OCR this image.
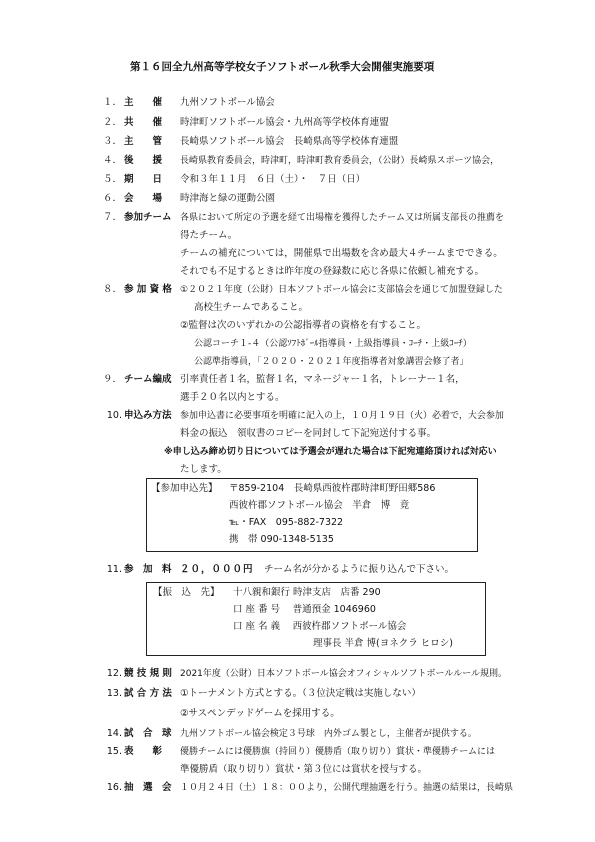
第１６回全九州高等学校女子ソフトボール秋季大会開催実施要項
１． 主　　催 九州ソフトボール協会
２． 共　　催 時津町ソフトボール協会・九州高等学校体育連盟
３． 主　　管 長崎県ソフトボール協会　長崎県高等学校体育連盟
４． 後　　援 長崎県教育委員会，時津町，時津町教育委員会，（公財）長崎県スポーツ協会，
５． 期　　日 令和３年１１月　６日（土）・　７日（日）
６． 会　　場 時津海と緑の運動公園
７． 参加チーム 各県において所定の予選を経て出場権を獲得したチーム又は所属支部長の推薦を
得たチーム。
チームの補充については，開催県で出場数を含め最大４チームまでできる。
それでも不足するときは昨年度の登録数に応じ各県に依頼し補充する。
８． 参 加 資 格 ①２０２１年度（公財）日本ソフトボール協会に支部協会を通じて加盟登録した
高校生チームであること。
②監督は次のいずれかの公認指導者の資格を有すること。
公認コーチ１-４（公認ｿﾌﾄﾎﾞｰﾙ指導員・上級指導員・ｺｰﾁ・上級ｺｰﾁ）
公認準指導員，「２０２０・２０２１年度指導者対象講習会修了者」
９． チーム編成 引率責任者１名，監督１名，マネージャー１名，トレーナー１名，
選手２０名以内とする。
10. 申込み方法 参加申込書に必要事項を明確に記入の上，１０月１９日（火）必着で，大会参加
料金の振込　領収書のコピーを同封して下記宛送付する事。
※申し込み締め切り日については予選会が遅れた場合は下記宛連絡頂ければ対応い
たします。
【参加申込先】 〒859-2104　長崎県西彼杵郡時津町野田郷586
西彼杵郡ソフトボール協会　半倉　博　竟
℡・FAX　095-882-7322
携　帯 090-1348-5135
11. 参　加　料 ２０，０００円 チーム名が分かるように振り込んで下さい。
【振　込　先】 十八親和銀行 時津支店　店番 290
口 座 番 号　 普通預金 1046960
口 座 名 義　 西彼杵郡ソフトボール協会
理事長 半倉 博(ヨネクラ ヒロシ)
12. 競 技 規 則 2021年度（公財）日本ソフトボール協会オフィシャルソフトボールルール規則。
13. 試 合 方 法 ①トーナメント方式とする。（３位決定戦は実施しない）
②サスペンデッドゲームを採用する。
14. 試　合　球 九州ソフトボール協会検定３号球　内外ゴム製とし，主催者が提供する。
15. 表　　彰 優勝チームには優勝旗（持回り）優勝盾（取り切り）賞状・準優勝チームには
準優勝盾（取り切り）賞状・第３位には賞状を授与する。
16. 抽　選　会 １０月２４日（土）１８：００より，公開代理抽選を行う。抽選の結果は，長崎県
